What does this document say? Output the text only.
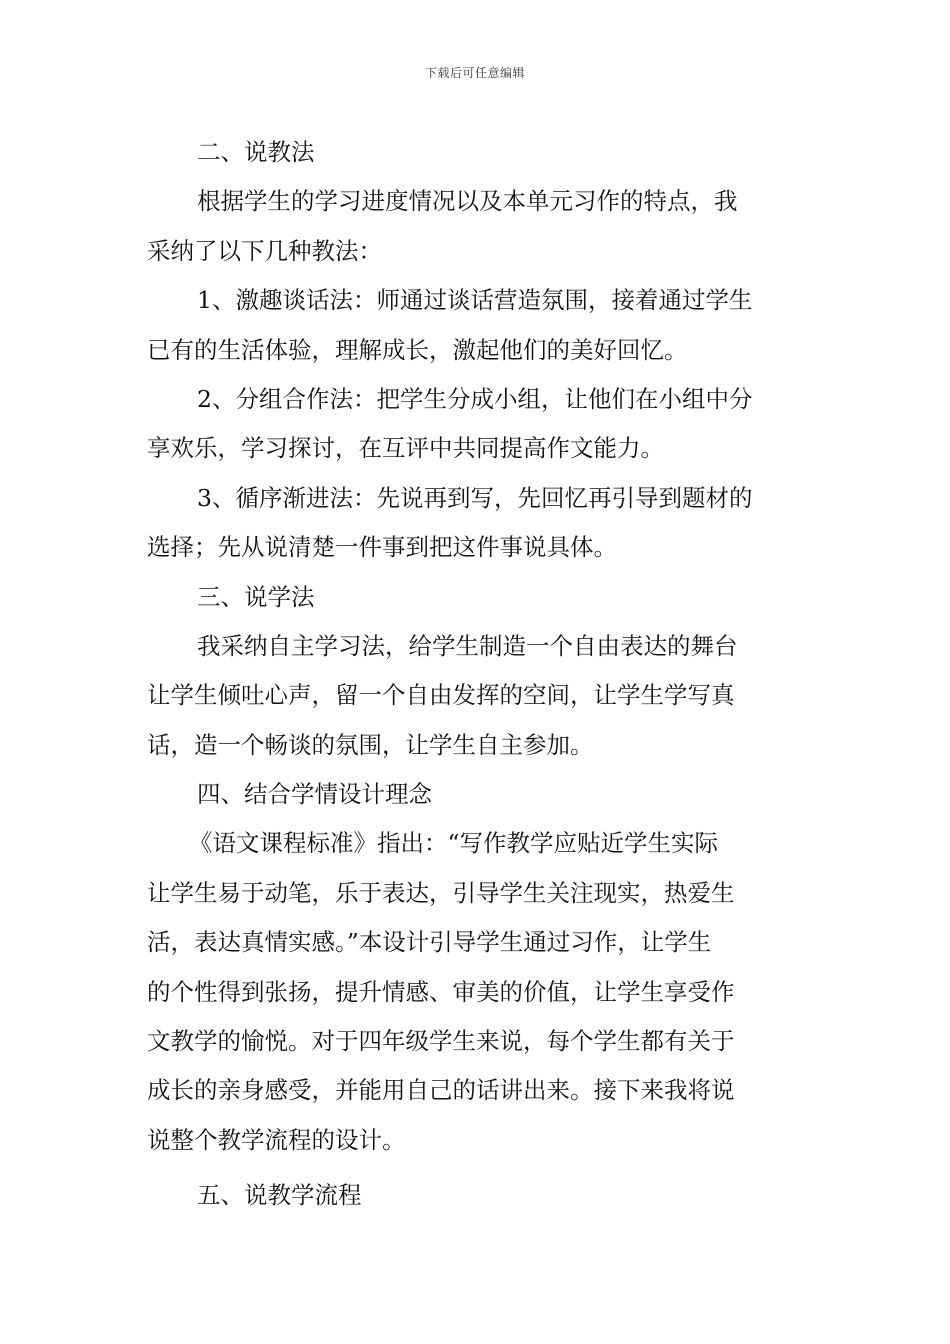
下载后可任意编辑
二、说教法
根据学生的学习进度情况以及本单元习作的特点，我
采纳了以下几种教法：
1、激趣谈话法：师通过谈话营造氛围，接着通过学生
已有的生活体验，理解成长，激起他们的美好回忆。
2、分组合作法：把学生分成小组，让他们在小组中分
享欢乐，学习探讨，在互评中共同提高作文能力。
3、循序渐进法：先说再到写，先回忆再引导到题材的
选择；先从说清楚一件事到把这件事说具体。
三、说学法
我采纳自主学习法，给学生制造一个自由表达的舞台
让学生倾吐心声，留一个自由发挥的空间，让学生学写真
话，造一个畅谈的氛围，让学生自主参加。
四、结合学情设计理念
《语文课程标准》指出：“写作教学应贴近学生实际
让学生易于动笔，乐于表达，引导学生关注现实，热爱生
活，表达真情实感。”本设计引导学生通过习作，让学生
的个性得到张扬，提升情感、审美的价值，让学生享受作
文教学的愉悦。对于四年级学生来说，每个学生都有关于
成长的亲身感受，并能用自己的话讲出来。接下来我将说
说整个教学流程的设计。
五、说教学流程
